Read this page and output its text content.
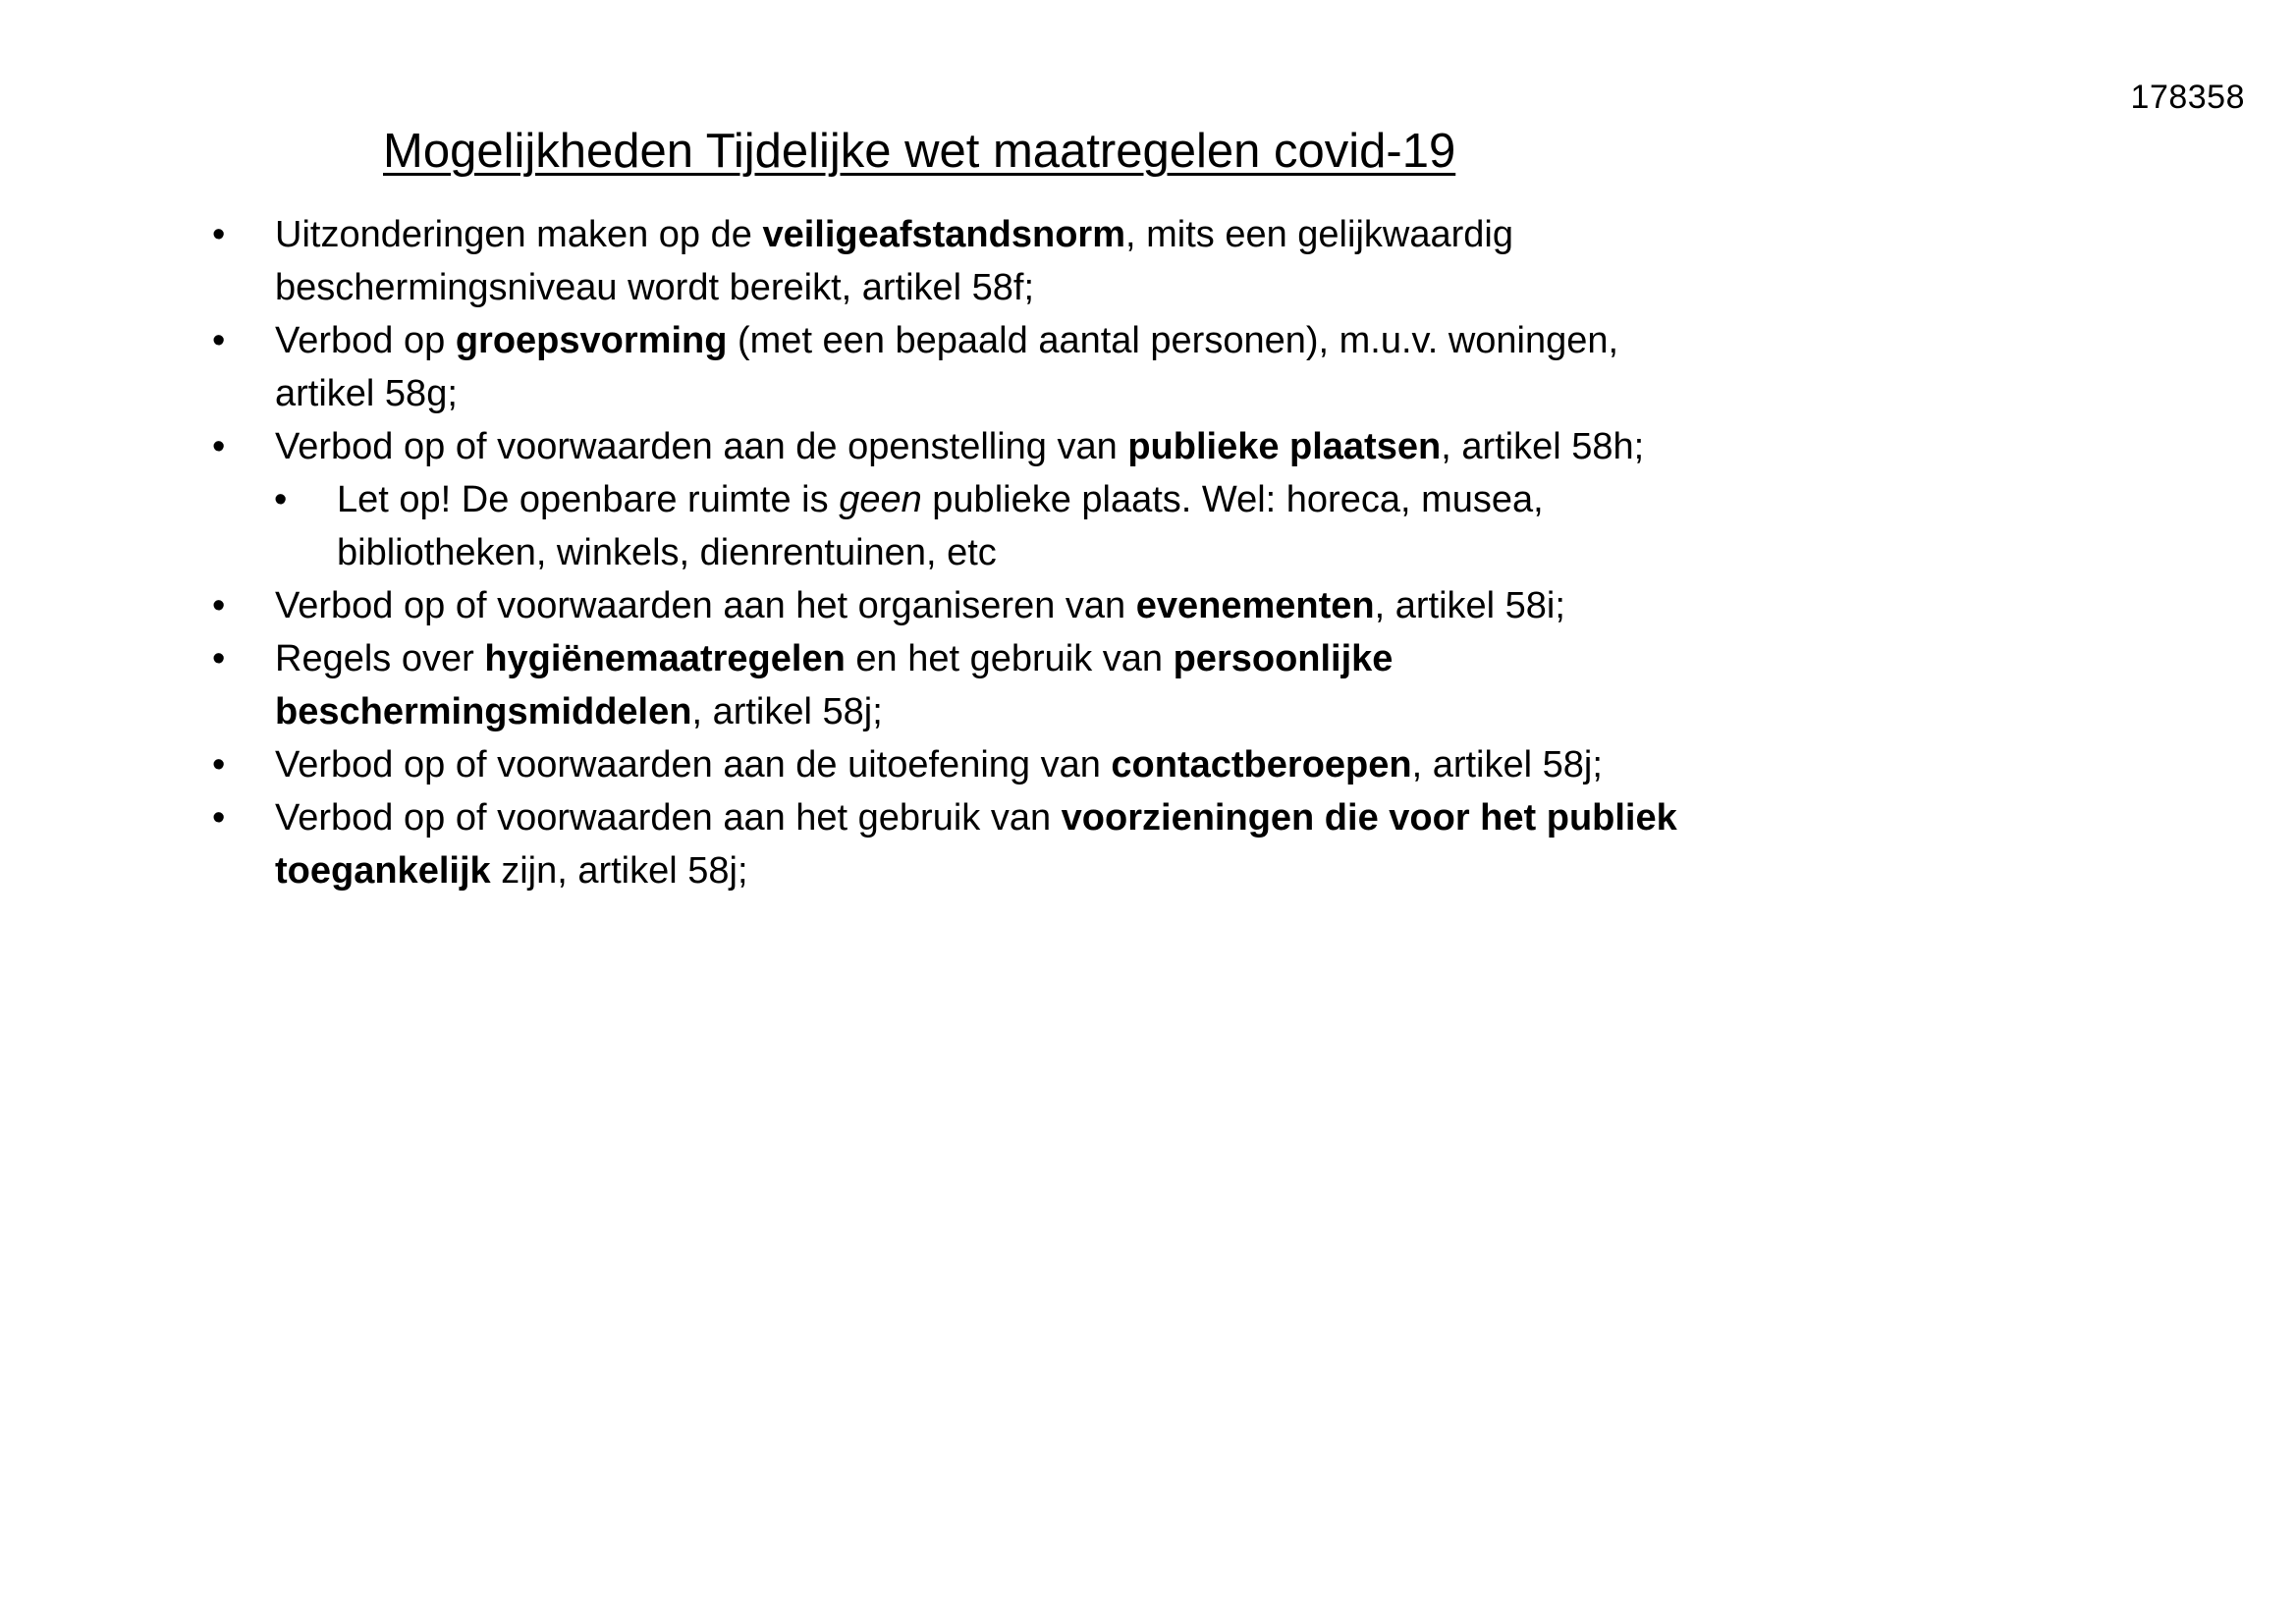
178358
Mogelijkheden Tijdelijke wet maatregelen covid-19
• Uitzonderingen maken op de veiligeafstandsnorm, mits een gelijkwaardig beschermingsniveau wordt bereikt, artikel 58f;
• Verbod op groepsvorming (met een bepaald aantal personen), m.u.v. woningen, artikel 58g;
• Verbod op of voorwaarden aan de openstelling van publieke plaatsen, artikel 58h;
• Let op! De openbare ruimte is geen publieke plaats. Wel: horeca, musea, bibliotheken, winkels, dienrentuinen, etc
• Verbod op of voorwaarden aan het organiseren van evenementen, artikel 58i;
• Regels over hygiënemaatregelen en het gebruik van persoonlijke beschermingsmiddelen, artikel 58j;
• Verbod op of voorwaarden aan de uitoefening van contactberoepen, artikel 58j;
• Verbod op of voorwaarden aan het gebruik van voorzieningen die voor het publiek toegankelijk zijn, artikel 58j;
